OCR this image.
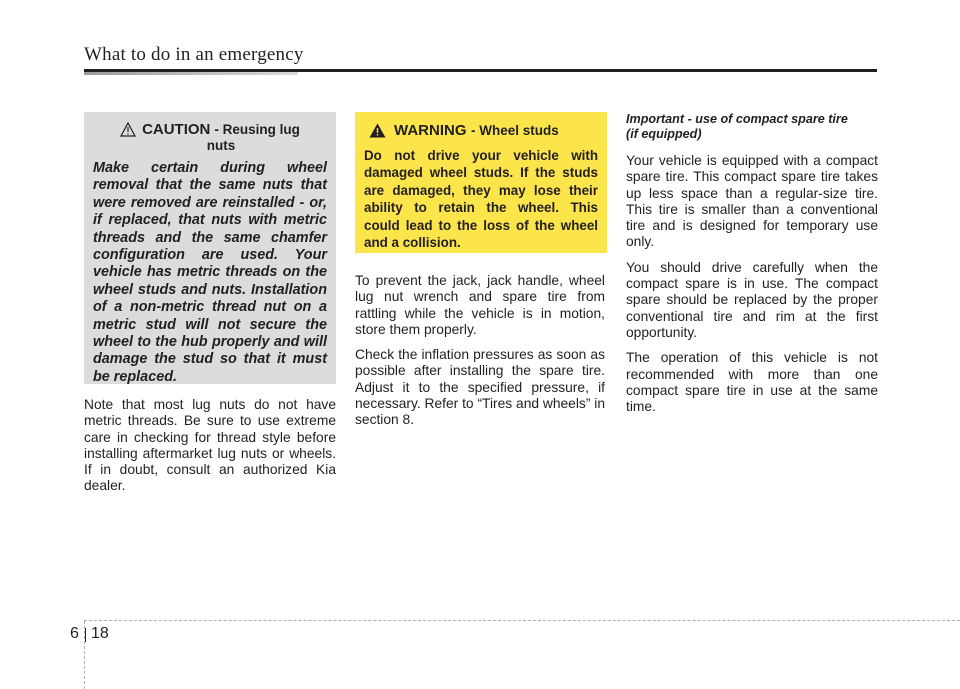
What to do in an emergency
CAUTION - Reusing lug
nuts
Make certain during wheel removal that the same nuts that were removed are reinstalled - or, if replaced, that nuts with metric threads and the same chamfer configuration are used. Your vehicle has metric threads on the wheel studs and nuts. Installation of a non-metric thread nut on a metric stud will not secure the wheel to the hub properly and will damage the stud so that it must be replaced.

Note that most lug nuts do not have metric threads. Be sure to use extreme care in checking for thread style before installing aftermarket lug nuts or wheels. If in doubt, consult an authorized Kia dealer.

WARNING - Wheel studs
Do not drive your vehicle with damaged wheel studs. If the studs are damaged, they may lose their ability to retain the wheel. This could lead to the loss of the wheel and a collision.

To prevent the jack, jack handle, wheel lug nut wrench and spare tire from rattling while the vehicle is in motion, store them properly.

Check the inflation pressures as soon as possible after installing the spare tire. Adjust it to the specified pressure, if necessary. Refer to “Tires and wheels” in section 8.

Important - use of compact spare tire
(if equipped)

Your vehicle is equipped with a compact spare tire. This compact spare tire takes up less space than a regular-size tire. This tire is smaller than a conventional tire and is designed for temporary use only.

You should drive carefully when the compact spare is in use. The compact spare should be replaced by the proper conventional tire and rim at the first opportunity.

The operation of this vehicle is not recommended with more than one compact spare tire in use at the same time.

6 18
